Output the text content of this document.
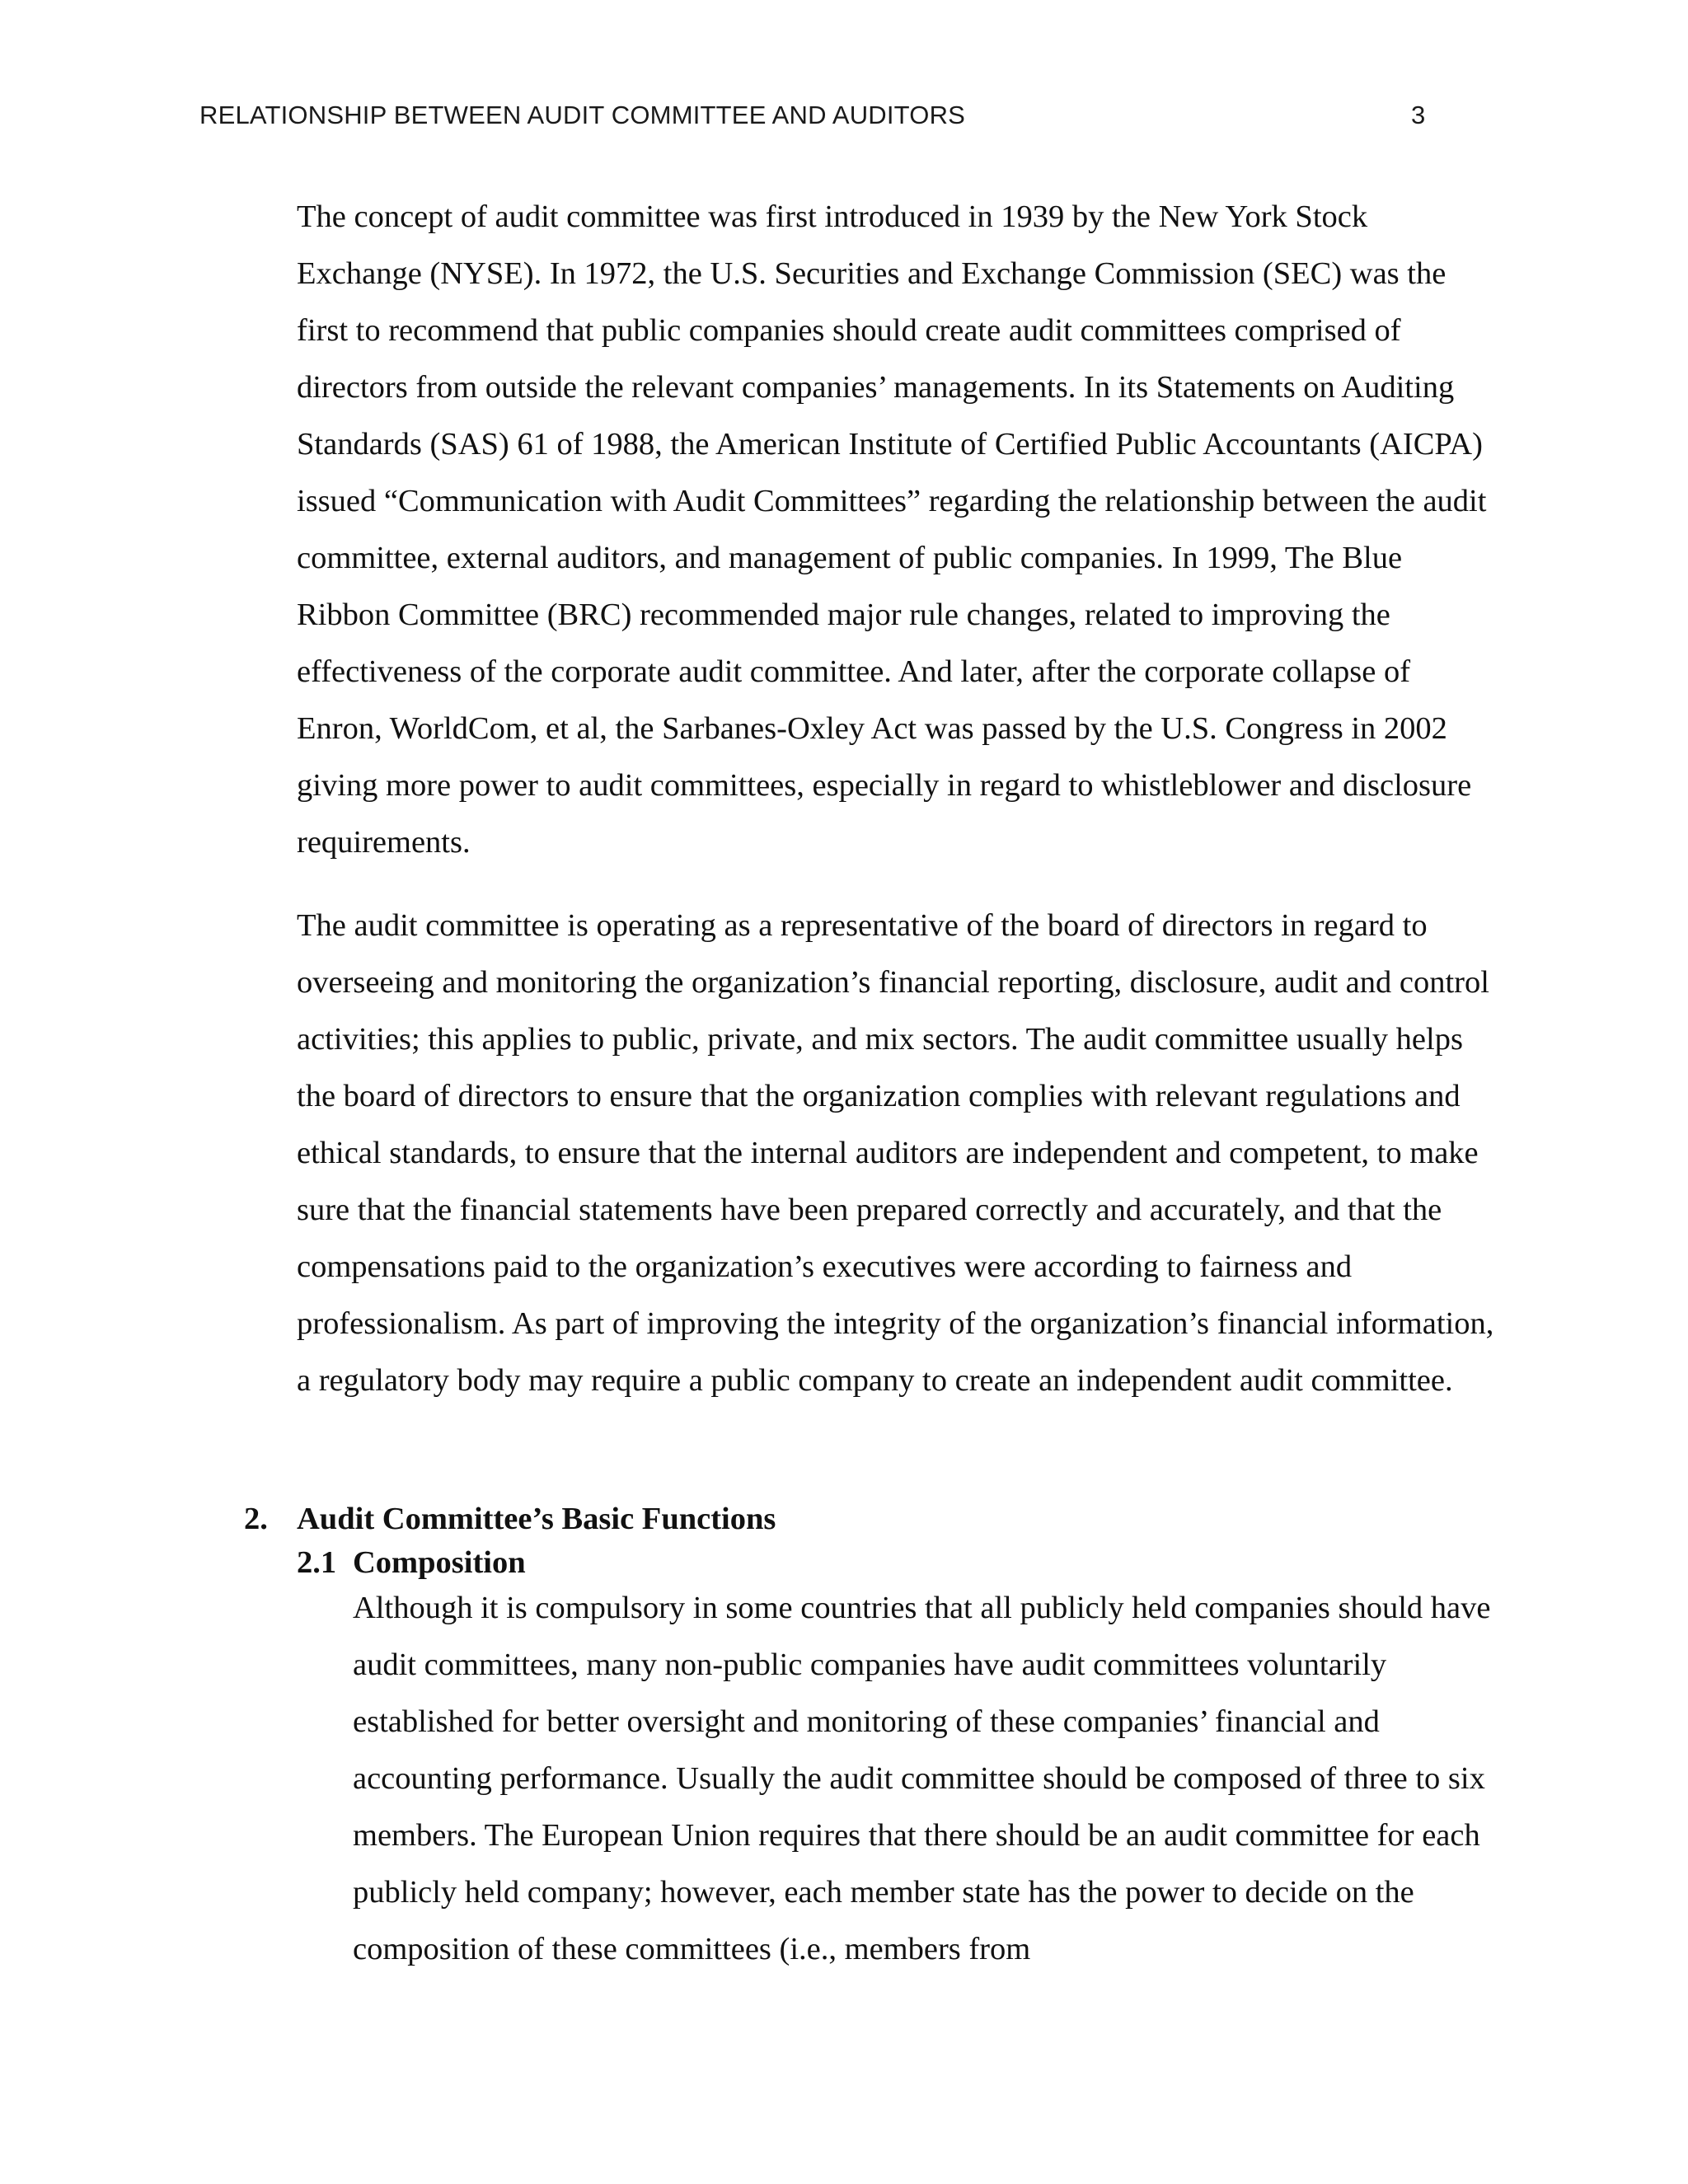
RELATIONSHIP BETWEEN AUDIT COMMITTEE AND AUDITORS	3

The concept of audit committee was first introduced in 1939 by the New York Stock Exchange (NYSE). In 1972, the U.S. Securities and Exchange Commission (SEC) was the first to recommend that public companies should create audit committees comprised of directors from outside the relevant companies’ managements. In its Statements on Auditing Standards (SAS) 61 of 1988, the American Institute of Certified Public Accountants (AICPA) issued “Communication with Audit Committees” regarding the relationship between the audit committee, external auditors, and management of public companies. In 1999, The Blue Ribbon Committee (BRC) recommended major rule changes, related to improving the effectiveness of the corporate audit committee. And later, after the corporate collapse of Enron, WorldCom, et al, the Sarbanes-Oxley Act was passed by the U.S. Congress in 2002 giving more power to audit committees, especially in regard to whistleblower and disclosure requirements.

The audit committee is operating as a representative of the board of directors in regard to overseeing and monitoring the organization’s financial reporting, disclosure, audit and control activities; this applies to public, private, and mix sectors. The audit committee usually helps the board of directors to ensure that the organization complies with relevant regulations and ethical standards, to ensure that the internal auditors are independent and competent, to make sure that the financial statements have been prepared correctly and accurately, and that the compensations paid to the organization’s executives were according to fairness and professionalism. As part of improving the integrity of the organization’s financial information, a regulatory body may require a public company to create an independent audit committee.

2. Audit Committee’s Basic Functions
2.1 Composition

Although it is compulsory in some countries that all publicly held companies should have audit committees, many non-public companies have audit committees voluntarily established for better oversight and monitoring of these companies’ financial and accounting performance. Usually the audit committee should be composed of three to six members. The European Union requires that there should be an audit committee for each publicly held company; however, each member state has the power to decide on the composition of these committees (i.e., members from
